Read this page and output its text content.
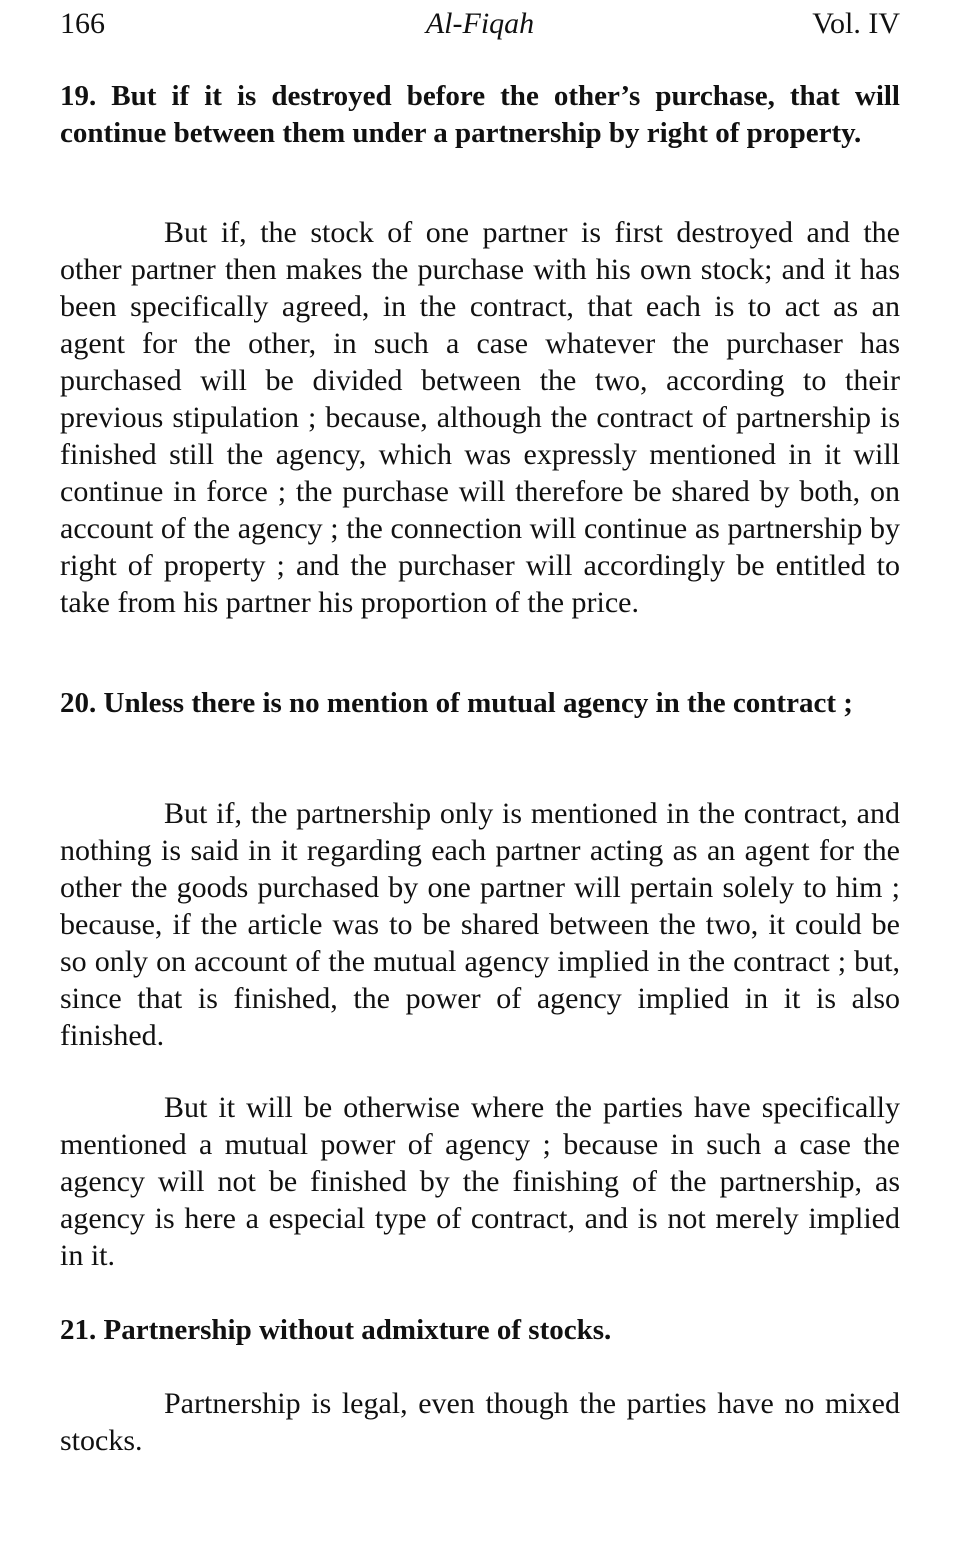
166	Al-Fiqah	Vol. IV
19. But if it is destroyed before the other’s purchase, that will continue between them under a partnership by right of property.

But if, the stock of one partner is first destroyed and the other partner then makes the purchase with his own stock; and it has been specifically agreed, in the contract, that each is to act as an agent for the other, in such a case whatever the purchaser has purchased will be divided between the two, according to their previous stipulation ; because, although the contract of partnership is finished still the agency, which was expressly mentioned in it will continue in force ; the purchase will therefore be shared by both, on account of the agency ; the connection will continue as partnership by right of property ; and the purchaser will accordingly be entitled to take from his partner his proportion of the price.

20. Unless there is no mention of mutual agency in the contract ;

But if, the partnership only is mentioned in the contract, and nothing is said in it regarding each partner acting as an agent for the other the goods purchased by one partner will pertain solely to him ; because, if the article was to be shared between the two, it could be so only on account of the mutual agency implied in the contract ; but, since that is finished, the power of agency implied in it is also finished.

But it will be otherwise where the parties have specifically mentioned a mutual power of agency ; because in such a case the agency will not be finished by the finishing of the partnership, as agency is here a especial type of contract, and is not merely implied in it.

21. Partnership without admixture of stocks.

Partnership is legal, even though the parties have no mixed stocks.
